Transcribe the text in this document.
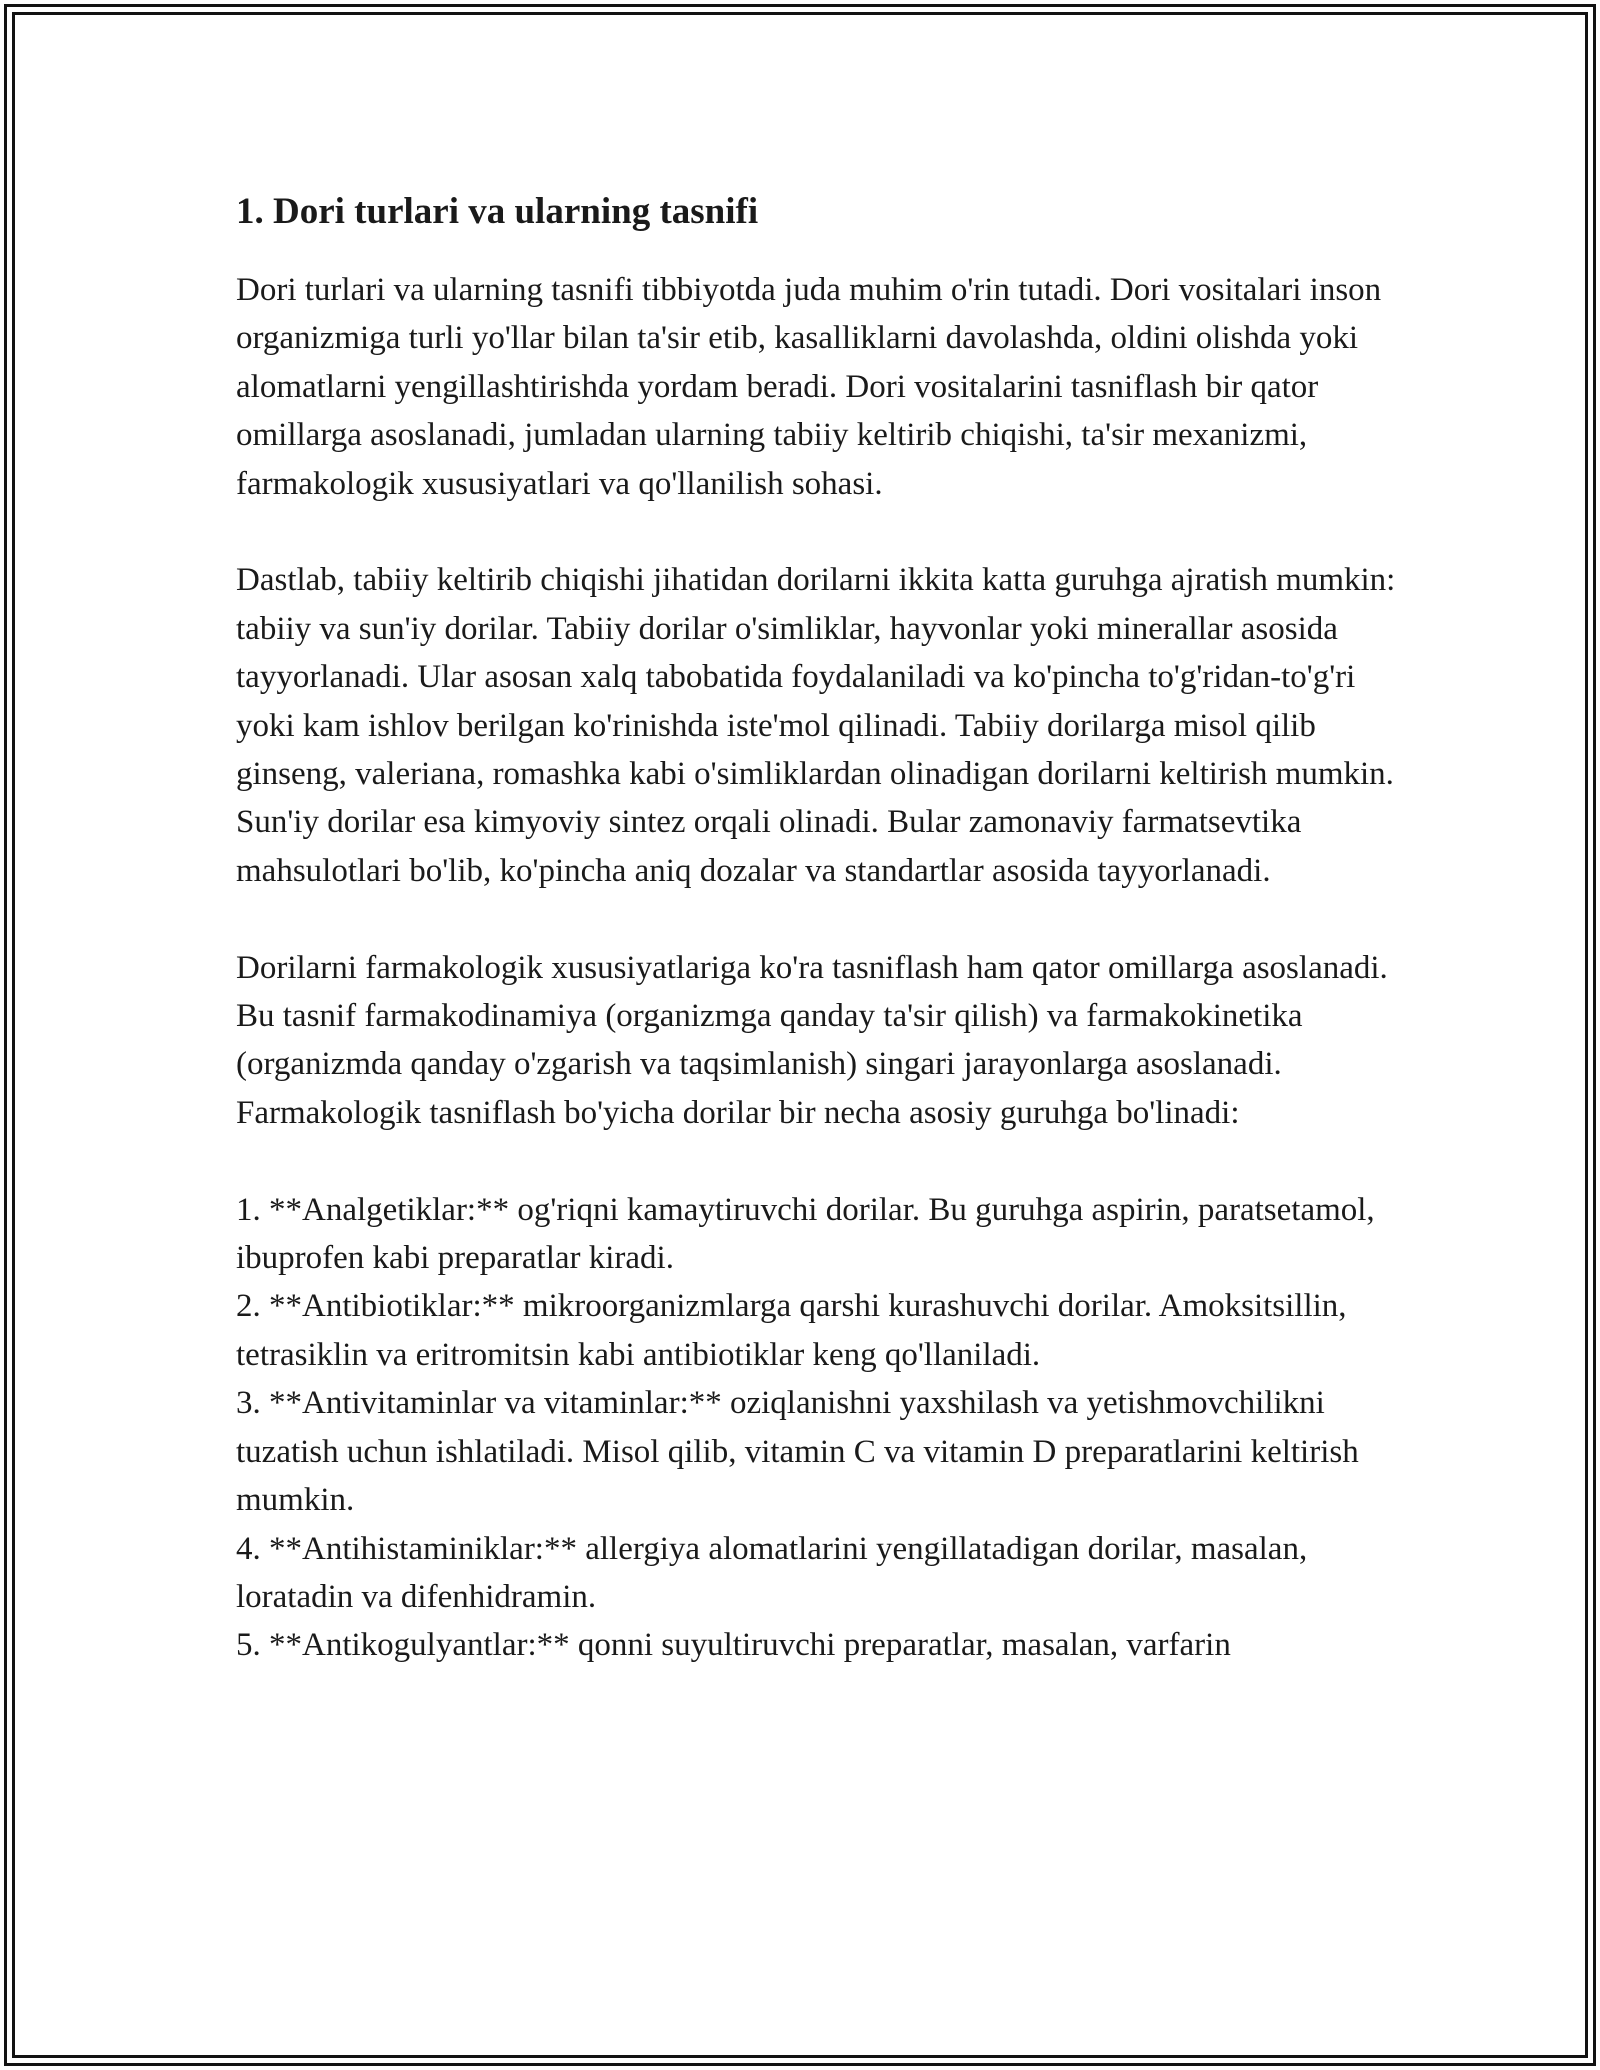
1. Dori turlari va ularning tasnifi

Dori turlari va ularning tasnifi tibbiyotda juda muhim o'rin tutadi. Dori vositalari inson organizmiga turli yo'llar bilan ta'sir etib, kasalliklarni davolashda, oldini olishda yoki alomatlarni yengillashtirishda yordam beradi. Dori vositalarini tasniflash bir qator omillarga asoslanadi, jumladan ularning tabiiy keltirib chiqishi, ta'sir mexanizmi, farmakologik xususiyatlari va qo'llanilish sohasi.

Dastlab, tabiiy keltirib chiqishi jihatidan dorilarni ikkita katta guruhga ajratish mumkin: tabiiy va sun'iy dorilar. Tabiiy dorilar o'simliklar, hayvonlar yoki minerallar asosida tayyorlanadi. Ular asosan xalq tabobatida foydalaniladi va ko'pincha to'g'ridan-to'g'ri yoki kam ishlov berilgan ko'rinishda iste'mol qilinadi. Tabiiy dorilarga misol qilib ginseng, valeriana, romashka kabi o'simliklardan olinadigan dorilarni keltirish mumkin. Sun'iy dorilar esa kimyoviy sintez orqali olinadi. Bular zamonaviy farmatsevtika mahsulotlari bo'lib, ko'pincha aniq dozalar va standartlar asosida tayyorlanadi.

Dorilarni farmakologik xususiyatlariga ko'ra tasniflash ham qator omillarga asoslanadi. Bu tasnif farmakodinamiya (organizmga qanday ta'sir qilish) va farmakokinetika (organizmda qanday o'zgarish va taqsimlanish) singari jarayonlarga asoslanadi. Farmakologik tasniflash bo'yicha dorilar bir necha asosiy guruhga bo'linadi:

1. **Analgetiklar:** og'riqni kamaytiruvchi dorilar. Bu guruhga aspirin, paratsetamol, ibuprofen kabi preparatlar kiradi.

2. **Antibiotiklar:** mikroorganizmlarga qarshi kurashuvchi dorilar. Amoksitsillin, tetrasiklin va eritromitsin kabi antibiotiklar keng qo'llaniladi.

3. **Antivitaminlar va vitaminlar:** oziqlanishni yaxshilash va yetishmovchilikni tuzatish uchun ishlatiladi. Misol qilib, vitamin C va vitamin D preparatlarini keltirish mumkin.

4. **Antihistaminiklar:** allergiya alomatlarini yengillatadigan dorilar, masalan, loratadin va difenhidramin.

5. **Antikogulyantlar:** qonni suyultiruvchi preparatlar, masalan, varfarin
